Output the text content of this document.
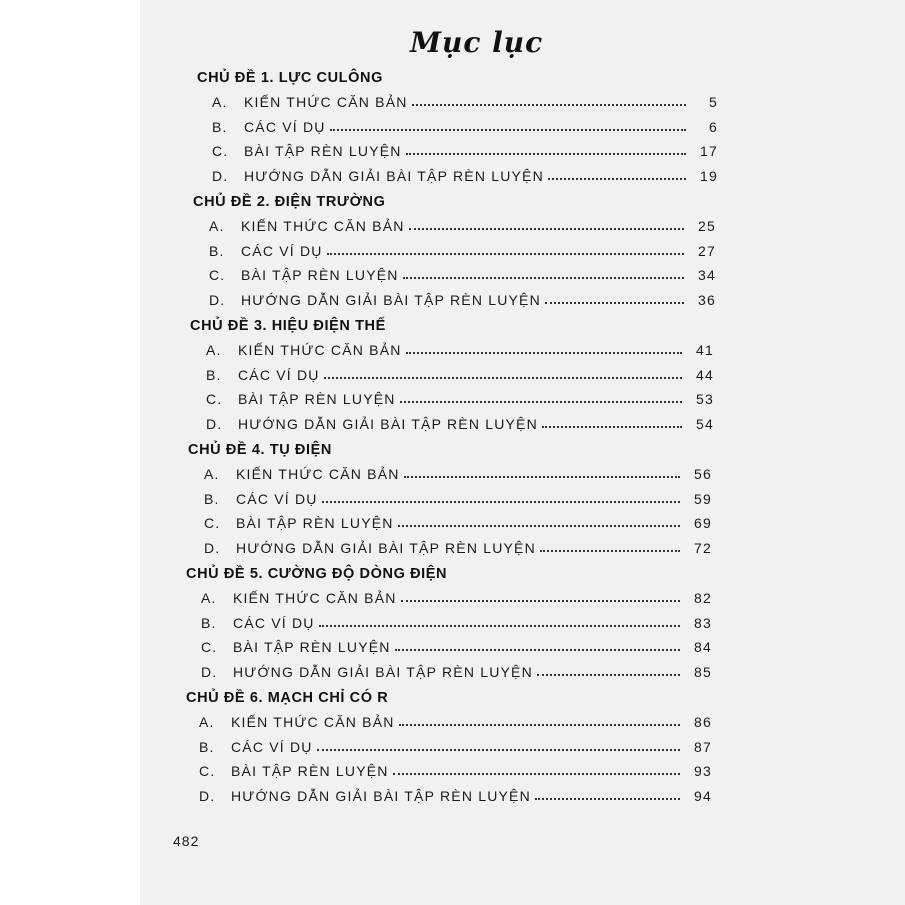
Mục lục
CHỦ ĐỀ 1. LỰC CULÔNG
A.	KIẾN THỨC CĂN BẢN	5
B.	CÁC VÍ DỤ	6
C.	BÀI TẬP RÈN LUYỆN	17
D.	HƯỚNG DẪN GIẢI BÀI TẬP RÈN LUYỆN	19
CHỦ ĐỀ 2. ĐIỆN TRƯỜNG
A.	KIẾN THỨC CĂN BẢN	25
B.	CÁC VÍ DỤ	27
C.	BÀI TẬP RÈN LUYỆN	34
D.	HƯỚNG DẪN GIẢI BÀI TẬP RÈN LUYỆN	36
CHỦ ĐỀ 3. HIỆU ĐIỆN THẾ
A.	KIẾN THỨC CĂN BẢN	41
B.	CÁC VÍ DỤ	44
C.	BÀI TẬP RÈN LUYỆN	53
D.	HƯỚNG DẪN GIẢI BÀI TẬP RÈN LUYỆN	54
CHỦ ĐỀ 4. TỤ ĐIỆN
A.	KIẾN THỨC CĂN BẢN	56
B.	CÁC VÍ DỤ	59
C.	BÀI TẬP RÈN LUYỆN	69
D.	HƯỚNG DẪN GIẢI BÀI TẬP RÈN LUYỆN	72
CHỦ ĐỀ 5. CƯỜNG ĐỘ DÒNG ĐIỆN
A.	KIẾN THỨC CĂN BẢN	82
B.	CÁC VÍ DỤ	83
C.	BÀI TẬP RÈN LUYỆN	84
D.	HƯỚNG DẪN GIẢI BÀI TẬP RÈN LUYỆN	85
CHỦ ĐỀ 6. MẠCH CHỈ CÓ R
A.	KIẾN THỨC CĂN BẢN	86
B.	CÁC VÍ DỤ	87
C.	BÀI TẬP RÈN LUYỆN	93
D.	HƯỚNG DẪN GIẢI BÀI TẬP RÈN LUYỆN	94
482
